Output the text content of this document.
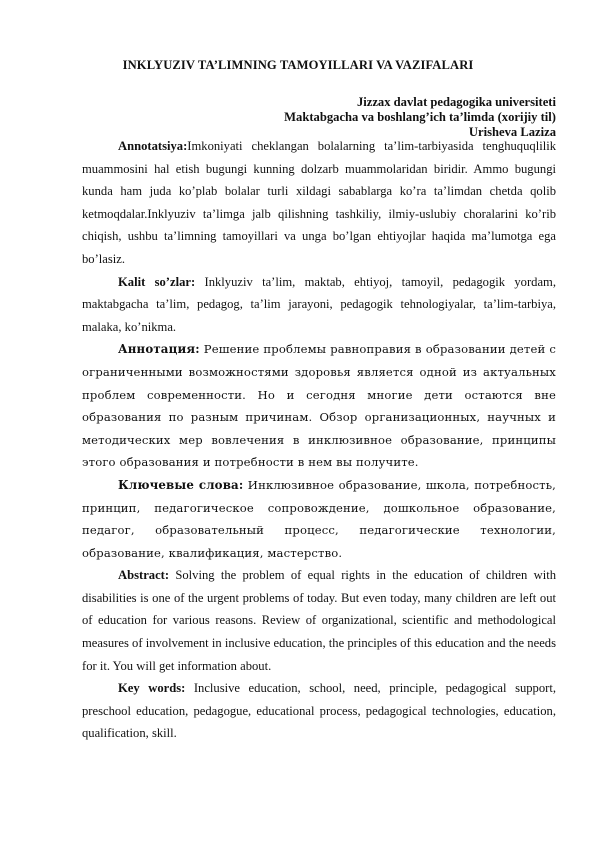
INKLYUZIV TA’LIMNING TAMOYILLARI VA VAZIFALARI
Jizzax davlat pedagogika universiteti
Maktabgacha va boshlang’ich ta’limda (xorijiy til)
Urisheva Laziza

Annotatsiya:Imkoniyati cheklangan bolalarning ta’lim-tarbiyasida tenghuquqlilik muammosini hal etish bugungi kunning dolzarb muammolaridan biridir. Ammo bugungi kunda ham juda ko’plab bolalar turli xildagi sabablarga ko’ra ta’limdan chetda qolib ketmoqdalar.Inklyuziv ta’limga jalb qilishning tashkiliy, ilmiy-uslubiy choralarini ko’rib chiqish, ushbu ta’limning tamoyillari va unga bo’lgan ehtiyojlar haqida ma’lumotga ega bo’lasiz.

Kalit so’zlar: Inklyuziv ta’lim, maktab, ehtiyoj, tamoyil, pedagogik yordam, maktabgacha ta’lim, pedagog, ta’lim jarayoni, pedagogik tehnologiyalar, ta’lim-tarbiya, malaka, ko’nikma.

Аннотация: Решение проблемы равноправия в образовании детей с ограниченными возможностями здоровья является одной из актуальных проблем современности. Но и сегодня многие дети остаются вне образования по разным причинам. Обзор организационных, научных и методических мер вовлечения в инклюзивное образование, принципы этого образования и потребности в нем вы получите.

Ключевые слова: Инклюзивное образование, школа, потребность, принцип, педагогическое сопровождение, дошкольное образование, педагог, образовательный процесс, педагогические технологии, образование, квалификация, мастерство.

Abstract: Solving the problem of equal rights in the education of children with disabilities is one of the urgent problems of today. But even today, many children are left out of education for various reasons. Review of organizational, scientific and methodological measures of involvement in inclusive education, the principles of this education and the needs for it. You will get information about.

Key words: Inclusive education, school, need, principle, pedagogical support, preschool education, pedagogue, educational process, pedagogical technologies, education, qualification, skill.
